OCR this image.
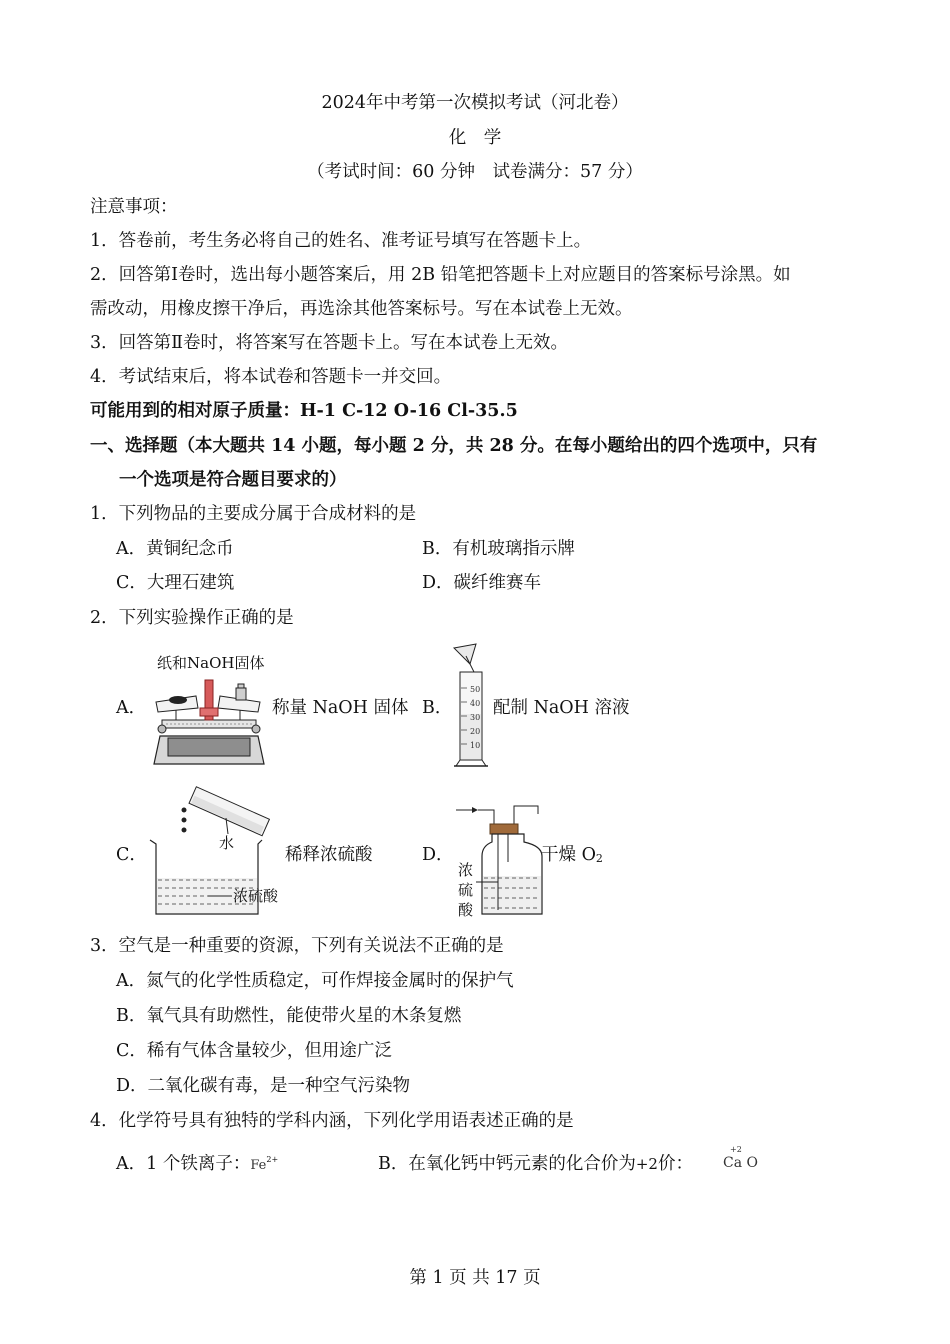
2024年中考第一次模拟考试（河北卷）
化　学
（考试时间：60 分钟　试卷满分：57 分）
注意事项：
1．答卷前，考生务必将自己的姓名、准考证号填写在答题卡上。
2．回答第Ⅰ卷时，选出每小题答案后，用 2B 铅笔把答题卡上对应题目的答案标号涂黑。如
需改动，用橡皮擦干净后，再选涂其他答案标号。写在本试卷上无效。
3．回答第Ⅱ卷时，将答案写在答题卡上。写在本试卷上无效。
4．考试结束后，将本试卷和答题卡一并交回。
可能用到的相对原子质量：H-1 C-12 O-16 Cl-35.5
一、选择题（本大题共 14 小题，每小题 2 分，共 28 分。在每小题给出的四个选项中，只有
一个选项是符合题目要求的）
1．下列物品的主要成分属于合成材料的是
A．黄铜纪念币	B．有机玻璃指示牌
C．大理石建筑	D．碳纤维赛车
2．下列实验操作正确的是
A．
纸和NaOH固体
称量 NaOH 固体 B．
50
40
30
20
10
配制 NaOH 溶液
C．
水
浓硫酸
稀释浓硫酸	D．
浓
硫
酸
干燥 $O_2$
3．空气是一种重要的资源，下列有关说法不正确的是
A．氮气的化学性质稳定，可作焊接金属时的保护气
B．氧气具有助燃性，能使带火星的木条复燃
C．稀有气体含量较少，但用途广泛
D．二氧化碳有毒，是一种空气污染物
4．化学符号具有独特的学科内涵，下列化学用语表述正确的是
A．1 个铁离子：$Fe^{2+}$	B．在氧化钙中钙元素的化合价为+2价：
+2
Ca O
第 1 页 共 17 页
